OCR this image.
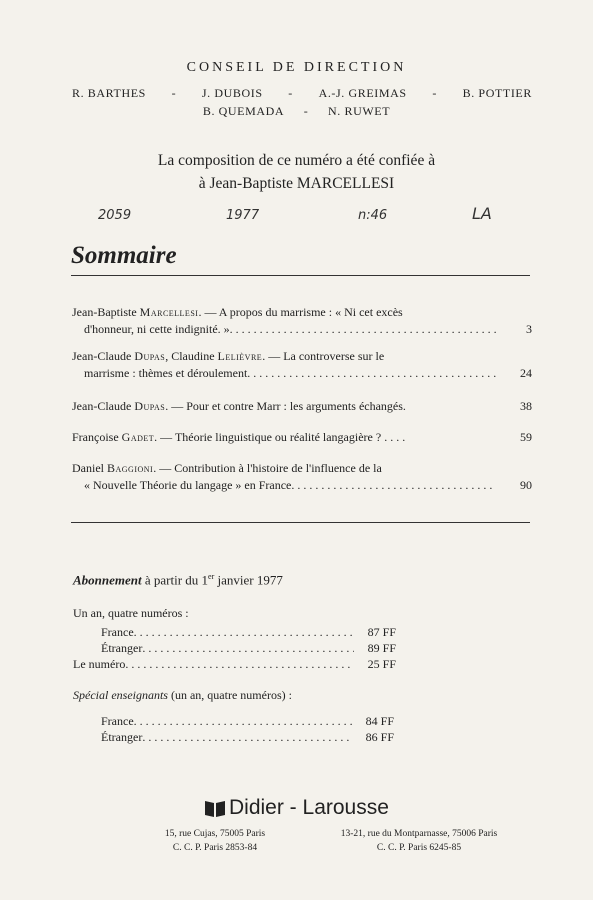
CONSEIL DE DIRECTION
R. BARTHES - J. DUBOIS - A.-J. GREIMAS - B. POTTIER
B. QUEMADA - N. RUWET
La composition de ce numéro a été confiée à
à Jean-Baptiste MARCELLESI
2059	1977	n:46	LA
Sommaire
Jean-Baptiste Marcellesi. — A propos du marrisme : « Ni cet excès
d'honneur, ni cette indignité. » . . .	3
Jean-Claude Dupas, Claudine Lelièvre. — La controverse sur le
marrisme : thèmes et déroulement . . .	24
Jean-Claude Dupas. — Pour et contre Marr : les arguments échangés.	38
Françoise Gadet. — Théorie linguistique ou réalité langagière ? . . . .	59
Daniel Baggioni. — Contribution à l'histoire de l'influence de la
« Nouvelle Théorie du langage » en France . . .	90
Abonnement à partir du 1er janvier 1977
Un an, quatre numéros :
France . . .	87 FF
Étranger . . .	89 FF
Le numéro . . .	25 FF
Spécial enseignants (un an, quatre numéros) :
France . . .	84 FF
Étranger . . .	86 FF
Didier - Larousse
15, rue Cujas, 75005 Paris
C. C. P. Paris 2853-84
13-21, rue du Montparnasse, 75006 Paris
C. C. P. Paris 6245-85
